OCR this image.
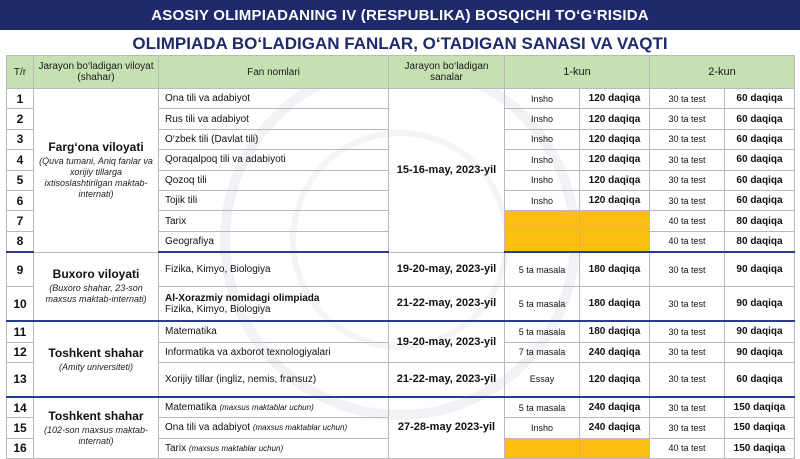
ASOSIY OLIMPIADANING IV (RESPUBLIKA) BOSQICHI TO‘G‘RISIDA
OLIMPIADA BO‘LADIGAN FANLAR, O‘TADIGAN SANASI VA VAQTI
T/r	Jarayon bo‘ladigan viloyat (shahar)	Fan nomlari	Jarayon bo‘ladigan sanalar	1-kun		2-kun	
1	Farg‘ona viloyati
(Quva tumani, Aniq fanlar va xorijiy tillarga ixtisoslashtirilgan maktab-internati)	Ona tili va adabiyot	15-16-may, 2023-yil	Insho	120 daqiqa	30 ta test	60 daqiqa
2		Rus tili va adabiyot		Insho	120 daqiqa	30 ta test	60 daqiqa
3		O‘zbek tili (Davlat tili)		Insho	120 daqiqa	30 ta test	60 daqiqa
4		Qoraqalpoq tili va adabiyoti		Insho	120 daqiqa	30 ta test	60 daqiqa
5		Qozoq tili		Insho	120 daqiqa	30 ta test	60 daqiqa
6		Tojik tili		Insho	120 daqiqa	30 ta test	60 daqiqa
7		Tarix				40 ta test	80 daqiqa
8		Geografiya				40 ta test	80 daqiqa
9	Buxoro viloyati
(Buxoro shahar, 23-son maxsus maktab-internati)	Fizika, Kimyo, Biologiya	19-20-may, 2023-yil	5 ta masala	180 daqiqa	30 ta test	90 daqiqa
10		Al-Xorazmiy nomidagi olimpiada
Fizika, Kimyo, Biologiya	21-22-may, 2023-yil	5 ta masala	180 daqiqa	30 ta test	90 daqiqa
11	Toshkent shahar
(Amity universiteti)	Matematika	19-20-may, 2023-yil	5 ta masala	180 daqiqa	30 ta test	90 daqiqa
12		Informatika va axborot texnologiyalari		7 ta masala	240 daqiqa	30 ta test	90 daqiqa
13		Xorijiy tillar (ingliz, nemis, fransuz)	21-22-may, 2023-yil	Essay	120 daqiqa	30 ta test	60 daqiqa
14	Toshkent shahar
(102-son maxsus maktab-internati)	Matematika (maxsus maktablar uchun)	27-28-may 2023-yil	5 ta masala	240 daqiqa	30 ta test	150 daqiqa
15		Ona tili va adabiyot (maxsus maktablar uchun)		Insho	240 daqiqa	30 ta test	150 daqiqa
16		Tarix (maxsus maktablar uchun)				40 ta test	150 daqiqa
